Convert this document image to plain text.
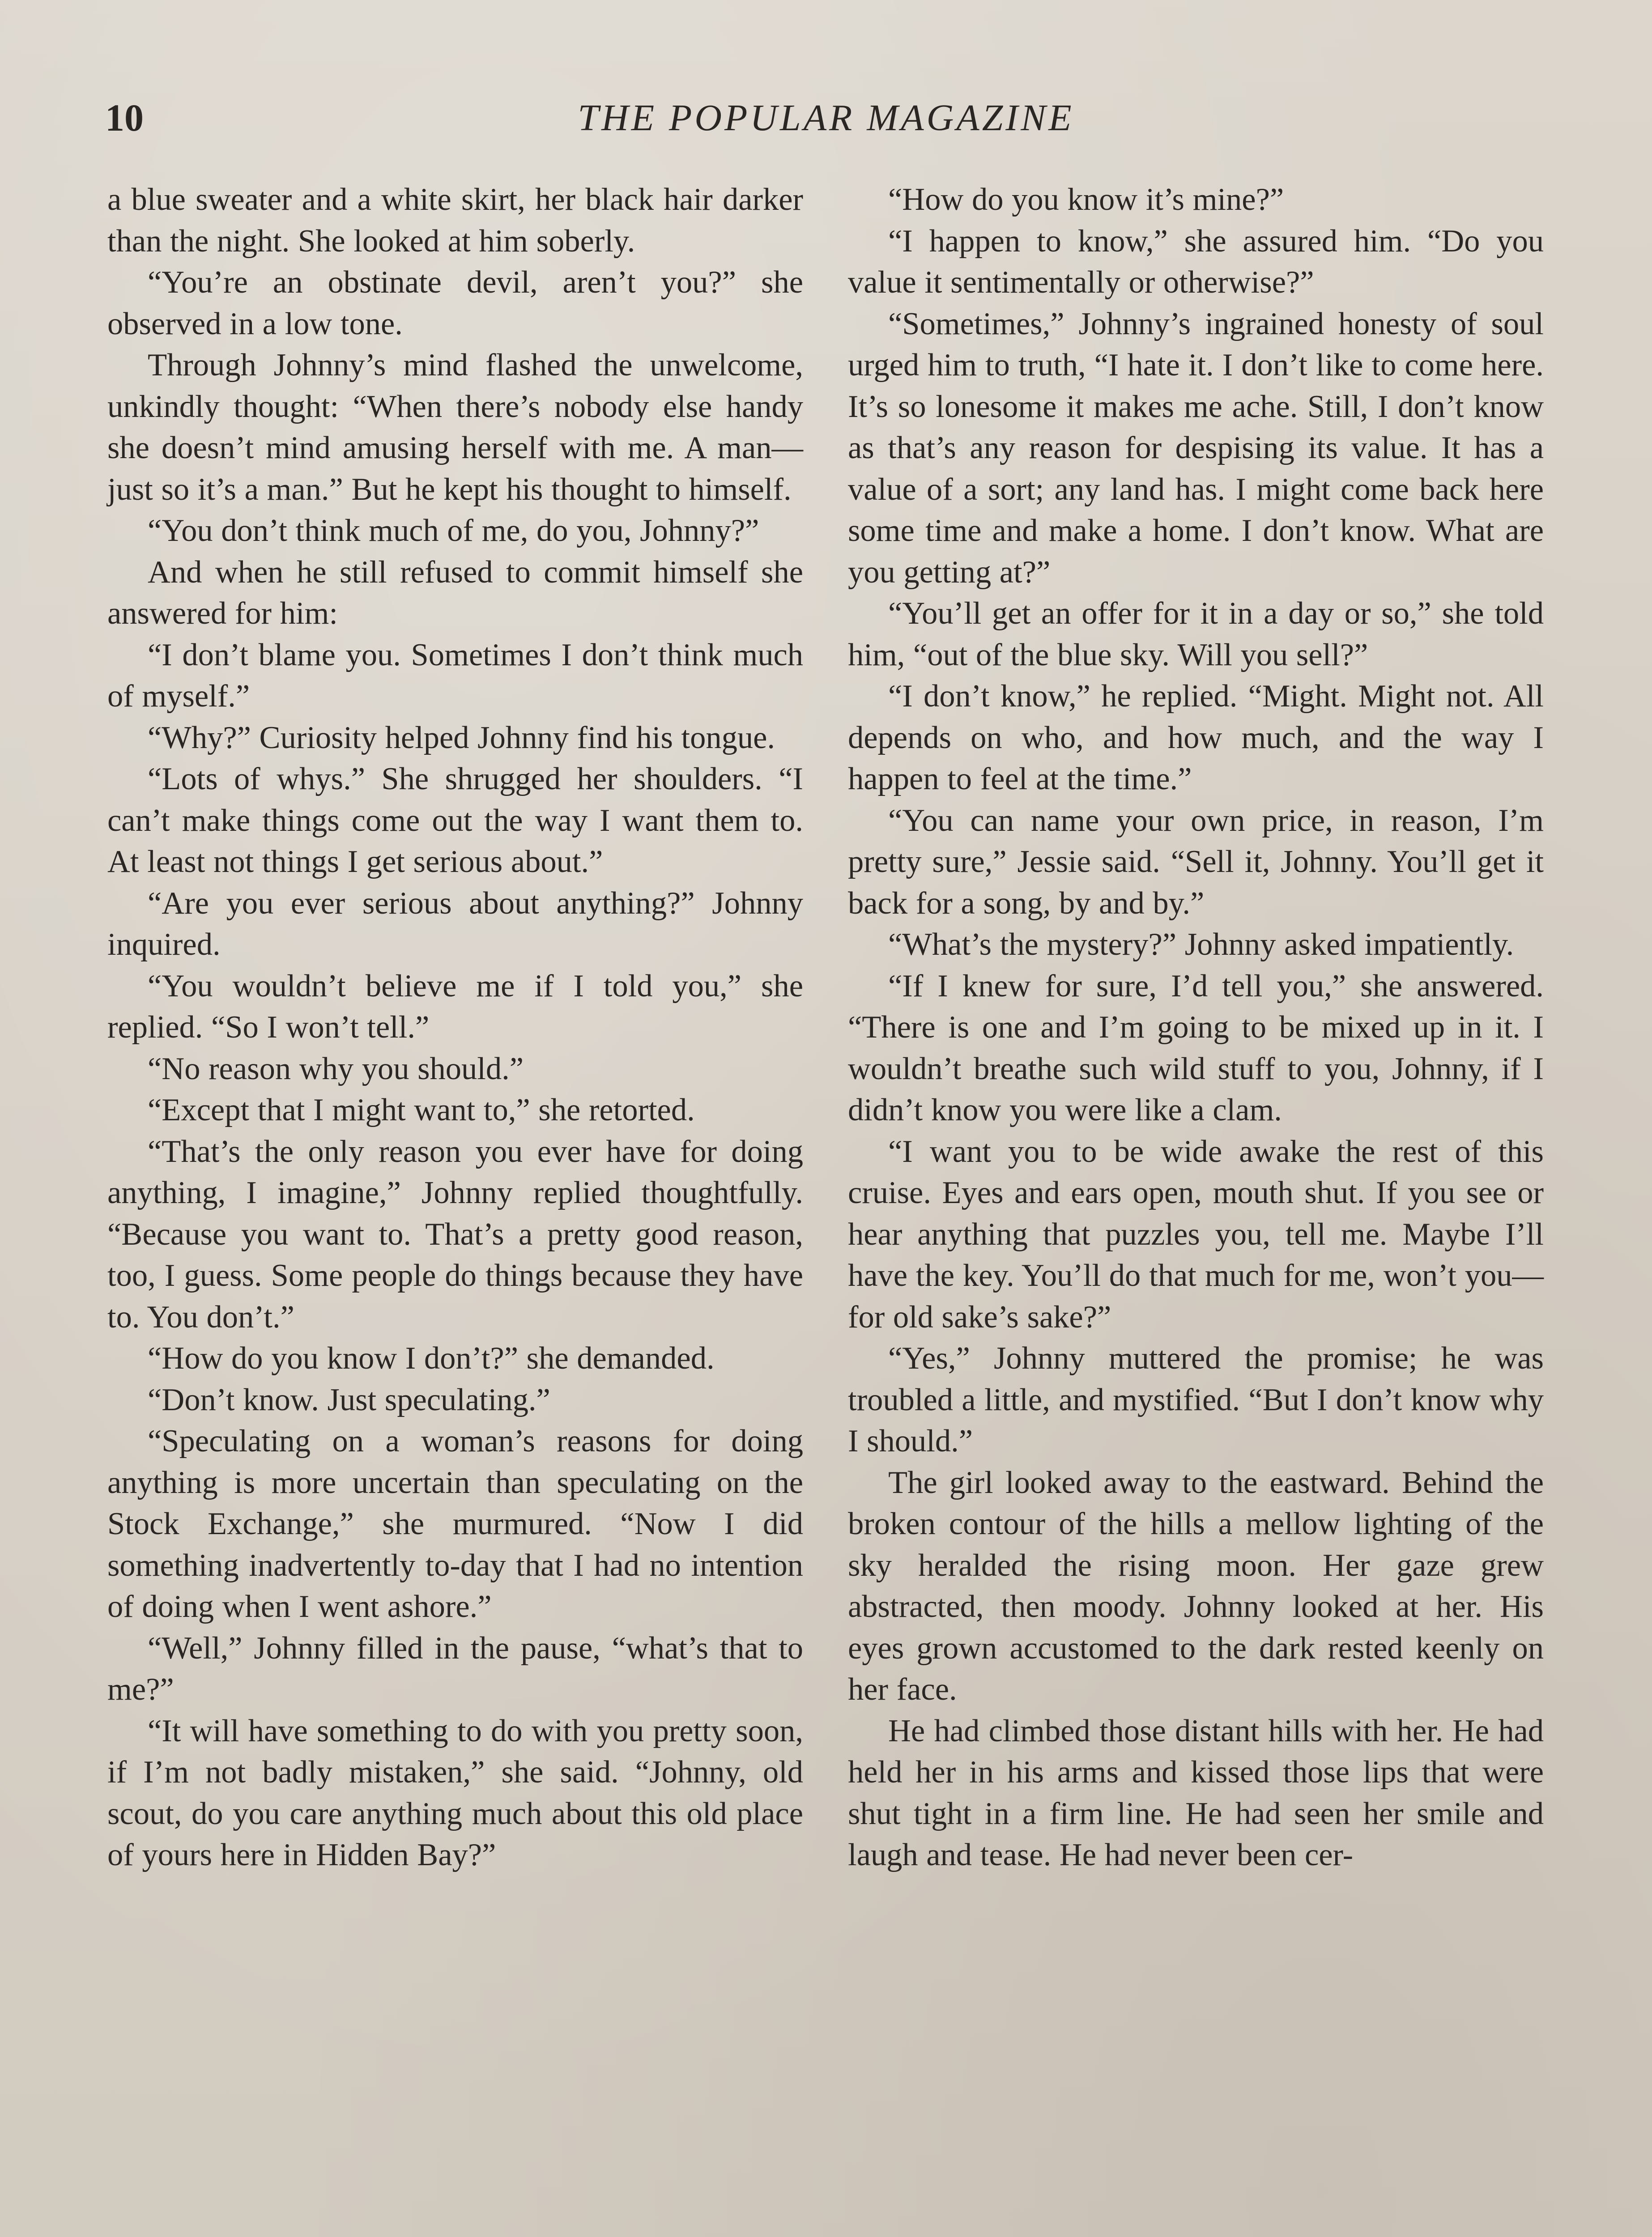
10	THE POPULAR MAGAZINE

a blue sweater and a white skirt, her black hair darker than the night. She looked at him soberly.

“You’re an obstinate devil, aren’t you?” she observed in a low tone.

Through Johnny’s mind flashed the unwelcome, unkindly thought: “When there’s nobody else handy she doesn’t mind amusing herself with me. A man—just so it’s a man.” But he kept his thought to himself.

“You don’t think much of me, do you, Johnny?”

And when he still refused to commit himself she answered for him:

“I don’t blame you. Sometimes I don’t think much of myself.”

“Why?” Curiosity helped Johnny find his tongue.

“Lots of whys.” She shrugged her shoulders. “I can’t make things come out the way I want them to. At least not things I get serious about.”

“Are you ever serious about anything?” Johnny inquired.

“You wouldn’t believe me if I told you,” she replied. “So I won’t tell.”

“No reason why you should.”

“Except that I might want to,” she retorted.

“That’s the only reason you ever have for doing anything, I imagine,” Johnny replied thoughtfully. “Because you want to. That’s a pretty good reason, too, I guess. Some people do things because they have to. You don’t.”

“How do you know I don’t?” she demanded.

“Don’t know. Just speculating.”

“Speculating on a woman’s reasons for doing anything is more uncertain than speculating on the Stock Exchange,” she murmured. “Now I did something inadvertently to-day that I had no intention of doing when I went ashore.”

“Well,” Johnny filled in the pause, “what’s that to me?”

“It will have something to do with you pretty soon, if I’m not badly mistaken,” she said. “Johnny, old scout, do you care anything much about this old place of yours here in Hidden Bay?”

“How do you know it’s mine?”

“I happen to know,” she assured him. “Do you value it sentimentally or otherwise?”

“Sometimes,” Johnny’s ingrained honesty of soul urged him to truth, “I hate it. I don’t like to come here. It’s so lonesome it makes me ache. Still, I don’t know as that’s any reason for despising its value. It has a value of a sort; any land has. I might come back here some time and make a home. I don’t know. What are you getting at?”

“You’ll get an offer for it in a day or so,” she told him, “out of the blue sky. Will you sell?”

“I don’t know,” he replied. “Might. Might not. All depends on who, and how much, and the way I happen to feel at the time.”

“You can name your own price, in reason, I’m pretty sure,” Jessie said. “Sell it, Johnny. You’ll get it back for a song, by and by.”

“What’s the mystery?” Johnny asked impatiently.

“If I knew for sure, I’d tell you,” she answered. “There is one and I’m going to be mixed up in it. I wouldn’t breathe such wild stuff to you, Johnny, if I didn’t know you were like a clam.

“I want you to be wide awake the rest of this cruise. Eyes and ears open, mouth shut. If you see or hear anything that puzzles you, tell me. Maybe I’ll have the key. You’ll do that much for me, won’t you—for old sake’s sake?”

“Yes,” Johnny muttered the promise; he was troubled a little, and mystified. “But I don’t know why I should.”

The girl looked away to the eastward. Behind the broken contour of the hills a mellow lighting of the sky heralded the rising moon. Her gaze grew abstracted, then moody. Johnny looked at her. His eyes grown accustomed to the dark rested keenly on her face.

He had climbed those distant hills with her. He had held her in his arms and kissed those lips that were shut tight in a firm line. He had seen her smile and laugh and tease. He had never been cer-
